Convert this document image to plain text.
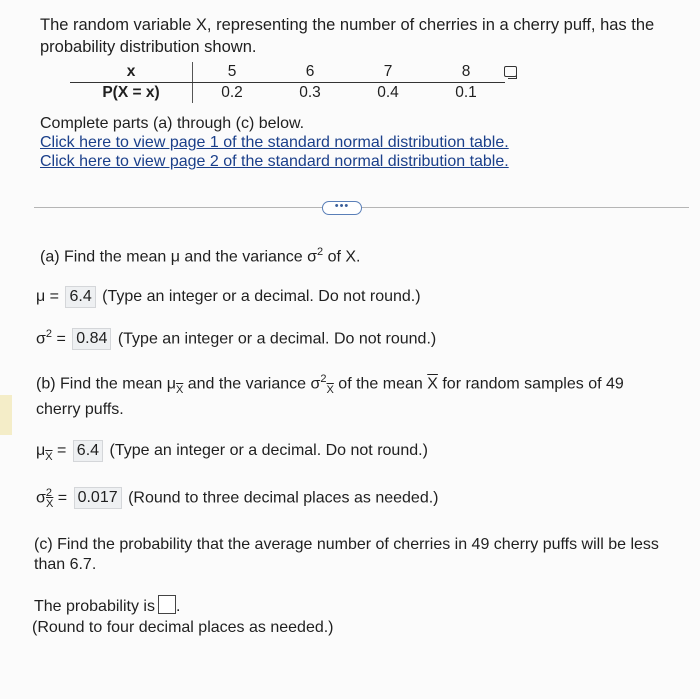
The random variable X, representing the number of cherries in a cherry puff, has the probability distribution shown.
x	5	6	7	8
P(X = x)	0.2	0.3	0.4	0.1
Complete parts (a) through (c) below.
Click here to view page 1 of the standard normal distribution table.
Click here to view page 2 of the standard normal distribution table.
•••
(a) Find the mean μ and the variance $\sigma^2$ of X.
μ = 6.4 (Type an integer or a decimal. Do not round.)
$\sigma^2 = 0.84$ (Type an integer or a decimal. Do not round.)
(b) Find the mean $\mu_{\overline{X}}$ and the variance $\sigma^2_{\overline{X}}$ of the mean $\overline{X}$ for random samples of 49
cherry puffs.
$\mu_{\overline{X}} = 6.4$ (Type an integer or a decimal. Do not round.)
$\sigma^2_{\overline{X}} = 0.017$ (Round to three decimal places as needed.)
(c) Find the probability that the average number of cherries in 49 cherry puffs will be less than 6.7.
The probability is .
(Round to four decimal places as needed.)
